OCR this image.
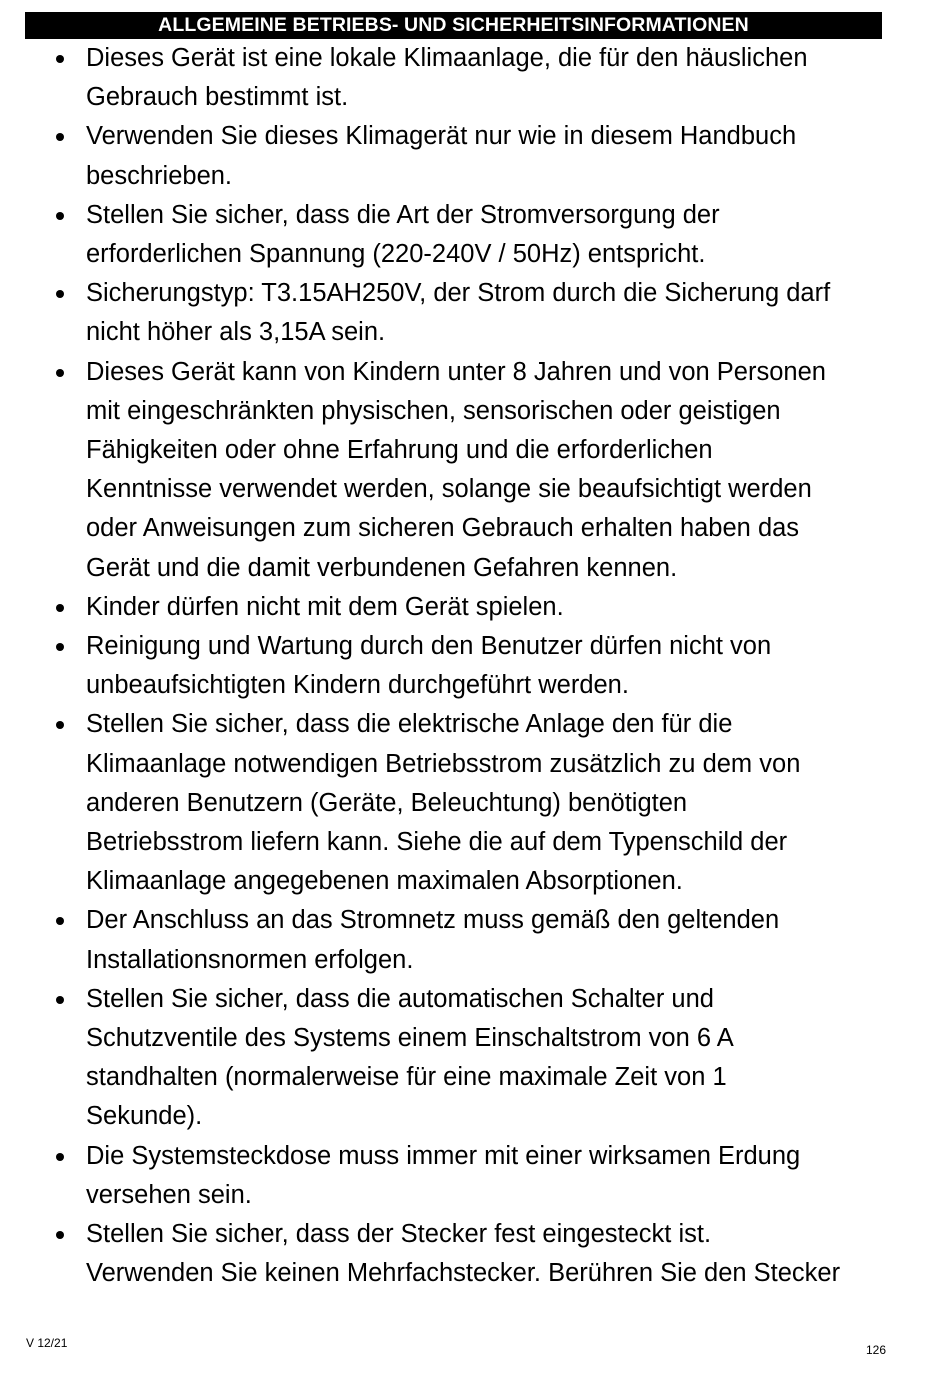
ALLGEMEINE BETRIEBS- UND SICHERHEITSINFORMATIONEN
Dieses Gerät ist eine lokale Klimaanlage, die für den häuslichen
Gebrauch bestimmt ist.
Verwenden Sie dieses Klimagerät nur wie in diesem Handbuch
beschrieben.
Stellen Sie sicher, dass die Art der Stromversorgung der
erforderlichen Spannung (220-240V / 50Hz) entspricht.
Sicherungstyp: T3.15AH250V, der Strom durch die Sicherung darf
nicht höher als 3,15A sein.
Dieses Gerät kann von Kindern unter 8 Jahren und von Personen
mit eingeschränkten physischen, sensorischen oder geistigen
Fähigkeiten oder ohne Erfahrung und die erforderlichen
Kenntnisse verwendet werden, solange sie beaufsichtigt werden
oder Anweisungen zum sicheren Gebrauch erhalten haben das
Gerät und die damit verbundenen Gefahren kennen.
Kinder dürfen nicht mit dem Gerät spielen.
Reinigung und Wartung durch den Benutzer dürfen nicht von
unbeaufsichtigten Kindern durchgeführt werden.
Stellen Sie sicher, dass die elektrische Anlage den für die
Klimaanlage notwendigen Betriebsstrom zusätzlich zu dem von
anderen Benutzern (Geräte, Beleuchtung) benötigten
Betriebsstrom liefern kann. Siehe die auf dem Typenschild der
Klimaanlage angegebenen maximalen Absorptionen.
Der Anschluss an das Stromnetz muss gemäß den geltenden
Installationsnormen erfolgen.
Stellen Sie sicher, dass die automatischen Schalter und
Schutzventile des Systems einem Einschaltstrom von 6 A
standhalten (normalerweise für eine maximale Zeit von 1
Sekunde).
Die Systemsteckdose muss immer mit einer wirksamen Erdung
versehen sein.
Stellen Sie sicher, dass der Stecker fest eingesteckt ist.
Verwenden Sie keinen Mehrfachstecker. Berühren Sie den Stecker
V 12/21	126
